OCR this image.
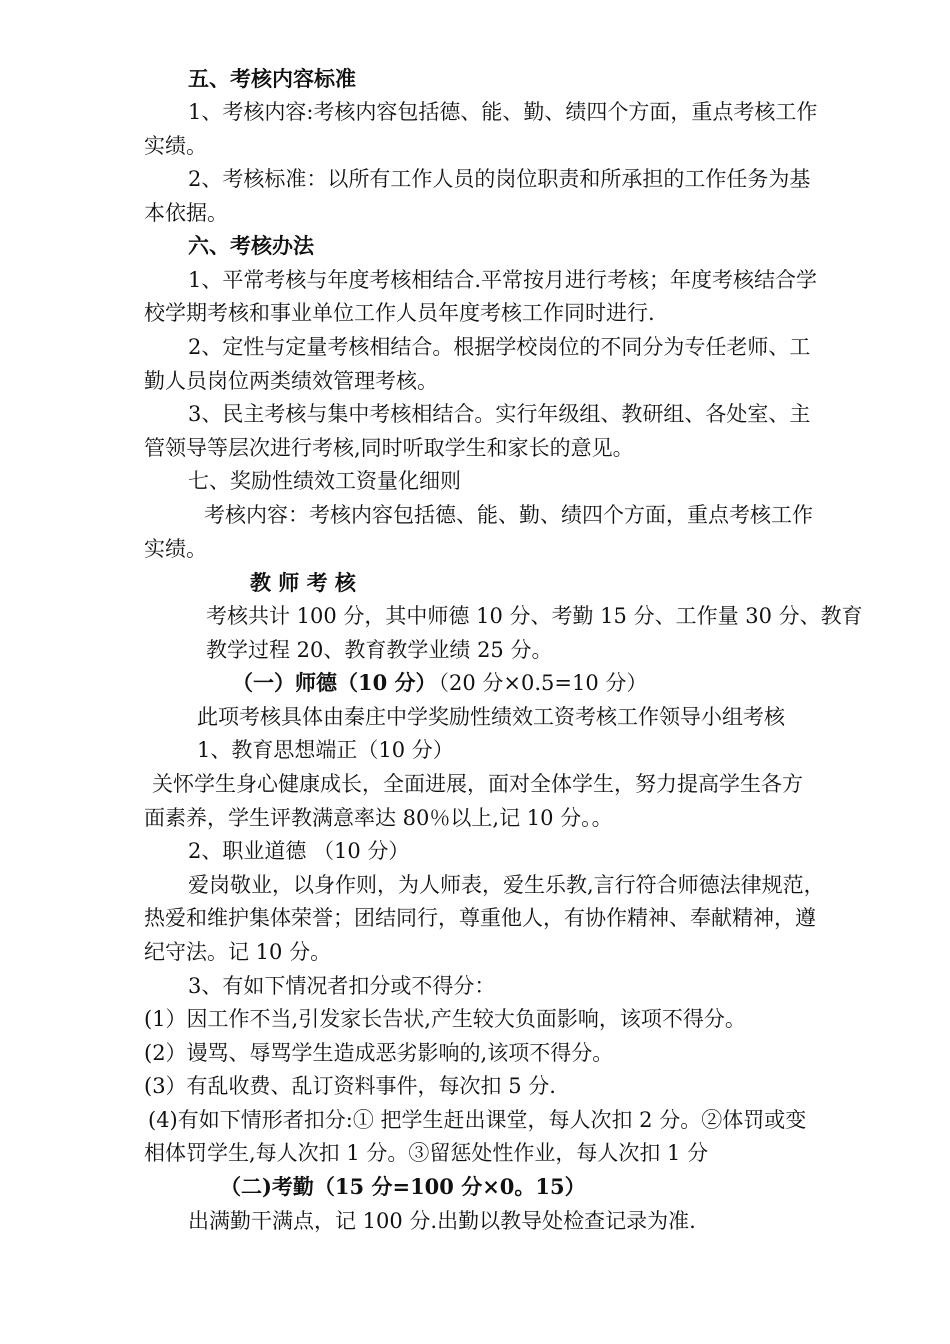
五、考核内容标准
1、考核内容:考核内容包括德、能、勤、绩四个方面，重点考核工作
实绩。
2、考核标准：以所有工作人员的岗位职责和所承担的工作任务为基
本依据。
六、考核办法
1、平常考核与年度考核相结合.平常按月进行考核；年度考核结合学
校学期考核和事业单位工作人员年度考核工作同时进行.
2、定性与定量考核相结合。根据学校岗位的不同分为专任老师、工
勤人员岗位两类绩效管理考核。
3、民主考核与集中考核相结合。实行年级组、教研组、各处室、主
管领导等层次进行考核,同时听取学生和家长的意见。
七、奖励性绩效工资量化细则
考核内容：考核内容包括德、能、勤、绩四个方面，重点考核工作
实绩。
教 师 考 核
考核共计 100 分，其中师德 10 分、考勤 15 分、工作量 30 分、教育
教学过程 20、教育教学业绩 25 分。
（一）师德（10 分）
（20 分×0.5=10 分）
此项考核具体由秦庄中学奖励性绩效工资考核工作领导小组考核
1、教育思想端正（10 分）
关怀学生身心健康成长，全面进展，面对全体学生，努力提高学生各方
面素养，学生评教满意率达 80％以上,记 10 分。。
2、职业道德 （10 分）
爱岗敬业，以身作则，为人师表，爱生乐教,言行符合师德法律规范，
热爱和维护集体荣誉；团结同行，尊重他人，有协作精神、奉献精神，遵
纪守法。记 10 分。
3、有如下情况者扣分或不得分：
(1）因工作不当,引发家长告状,产生较大负面影响，该项不得分。
(2）谩骂、辱骂学生造成恶劣影响的,该项不得分。
(3）有乱收费、乱订资料事件，每次扣 5 分.
(4)有如下情形者扣分:① 把学生赶出课堂，每人次扣 2 分。②体罚或变
相体罚学生,每人次扣 1 分。③留惩处性作业，每人次扣 1 分
（二)考勤（15 分=100 分×0。15）
出满勤干满点，记 100 分.出勤以教导处检查记录为准.
